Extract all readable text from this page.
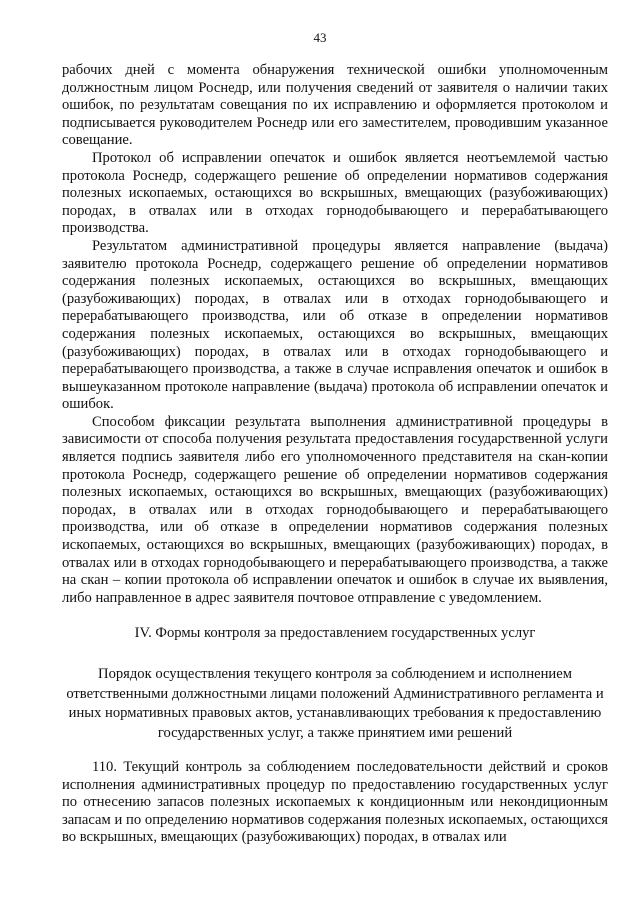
43

рабочих дней с момента обнаружения технической ошибки уполномоченным должностным лицом Роснедр, или получения сведений от заявителя о наличии таких ошибок, по результатам совещания по их исправлению и оформляется протоколом и подписывается руководителем Роснедр или его заместителем, проводившим указанное совещание.

Протокол об исправлении опечаток и ошибок является неотъемлемой частью протокола Роснедр, содержащего решение об определении нормативов содержания полезных ископаемых, остающихся во вскрышных, вмещающих (разубоживающих) породах, в отвалах или в отходах горнодобывающего и перерабатывающего производства.

Результатом административной процедуры является направление (выдача) заявителю протокола Роснедр, содержащего решение об определении нормативов содержания полезных ископаемых, остающихся во вскрышных, вмещающих (разубоживающих) породах, в отвалах или в отходах горнодобывающего и перерабатывающего производства, или об отказе в определении нормативов содержания полезных ископаемых, остающихся во вскрышных, вмещающих (разубоживающих) породах, в отвалах или в отходах горнодобывающего и перерабатывающего производства, а также в случае исправления опечаток и ошибок в вышеуказанном протоколе направление (выдача) протокола об исправлении опечаток и ошибок.

Способом фиксации результата выполнения административной процедуры в зависимости от способа получения результата предоставления государственной услуги является подпись заявителя либо его уполномоченного представителя на скан-копии протокола Роснедр, содержащего решение об определении нормативов содержания полезных ископаемых, остающихся во вскрышных, вмещающих (разубоживающих) породах, в отвалах или в отходах горнодобывающего и перерабатывающего производства, или об отказе в определении нормативов содержания полезных ископаемых, остающихся во вскрышных, вмещающих (разубоживающих) породах, в отвалах или в отходах горнодобывающего и перерабатывающего производства, а также на скан – копии протокола об исправлении опечаток и ошибок в случае их выявления, либо направленное в адрес заявителя почтовое отправление с уведомлением.

IV. Формы контроля за предоставлением государственных услуг

Порядок осуществления текущего контроля за соблюдением и исполнением ответственными должностными лицами положений Административного регламента и иных нормативных правовых актов, устанавливающих требования к предоставлению государственных услуг, а также принятием ими решений

110. Текущий контроль за соблюдением последовательности действий и сроков исполнения административных процедур по предоставлению государственных услуг по отнесению запасов полезных ископаемых к кондиционным или некондиционным запасам и по определению нормативов содержания полезных ископаемых, остающихся во вскрышных, вмещающих (разубоживающих) породах, в отвалах или
